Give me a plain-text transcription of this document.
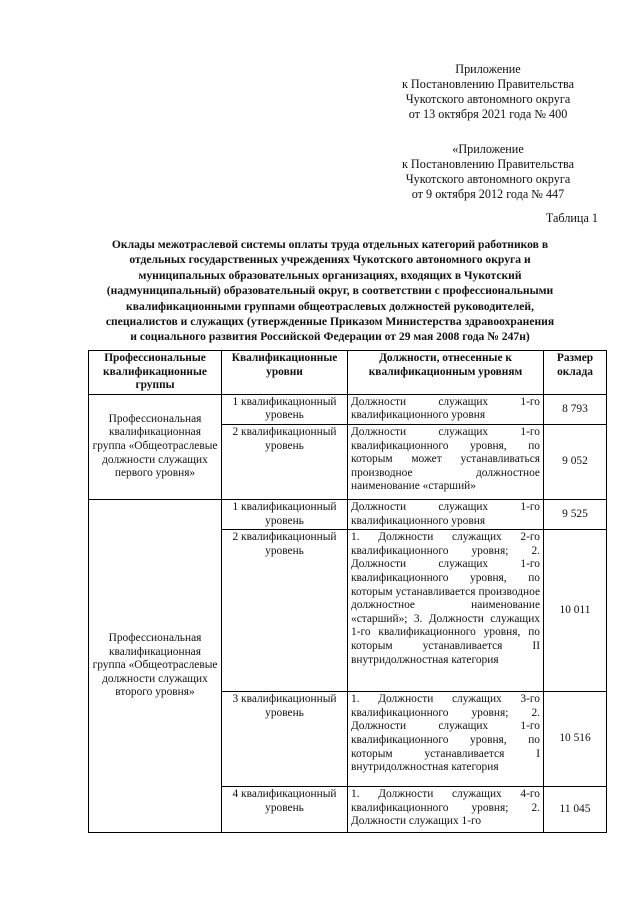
Приложение
к Постановлению Правительства
Чукотского автономного округа
от 13 октября 2021 года № 400
«Приложение
к Постановлению Правительства
Чукотского автономного округа
от 9 октября 2012 года № 447
Таблица 1
Оклады межотраслевой системы оплаты труда отдельных категорий работников в
отдельных государственных учреждениях Чукотского автономного округа и
муниципальных образовательных организациях, входящих в Чукотский
(надмуниципальный) образовательный округ, в соответствии с профессиональными
квалификационными группами общеотраслевых должностей руководителей,
специалистов и служащих (утвержденные Приказом Министерства здравоохранения
и социального развития Российской Федерации от 29 мая 2008 года № 247н)
Профессиональные квалификационные группы	Квалификационные уровни	Должности, отнесенные к квалификационным уровням	Размер оклада
Профессиональная квалификационная группа «Общеотраслевые должности служащих первого уровня»	1 квалификационный уровень	Должности служащих 1-го квалификационного уровня	8 793
	2 квалификационный уровень	Должности служащих 1-го квалификационного уровня, по которым может устанавливаться производное должностное наименование «старший»	9 052
Профессиональная квалификационная группа «Общеотраслевые должности служащих второго уровня»	1 квалификационный уровень	Должности служащих 1-го квалификационного уровня	9 525
	2 квалификационный уровень	1. Должности служащих 2-го квалификационного уровня; 2. Должности служащих 1-го квалификационного уровня, по которым устанавливается производное должностное наименование «старший»; 3. Должности служащих 1-го квалификационного уровня, по которым устанавливается II внутридолжностная категория	10 011
	3 квалификационный уровень	1. Должности служащих 3-го квалификационного уровня; 2. Должности служащих 1-го квалификационного уровня, по которым устанавливается I внутридолжностная категория	10 516
	4 квалификационный уровень	1. Должности служащих 4-го квалификационного уровня; 2. Должности служащих 1-го	11 045
